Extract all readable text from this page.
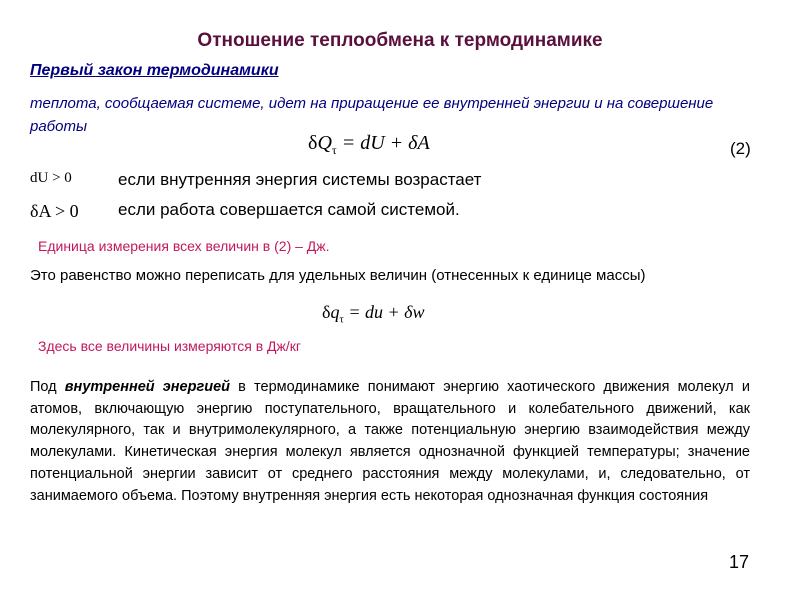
Отношение теплообмена к термодинамике
Первый закон термодинамики
теплота, сообщаемая системе, идет на приращение ее внутренней энергии и на совершение работы
$\delta Q_\tau$ = dU + δA	(2)
dU > 0	если внутренняя энергия системы возрастает
δA > 0 если работа совершается самой системой.
Единица измерения всех величин в (2) – Дж.
Это равенство можно переписать для удельных величин (отнесенных к единице массы)
$\delta q_\tau$ = du + δw
Здесь все величины измеряются в Дж/кг
Под внутренней энергией в термодинамике понимают энергию хаотического движения молекул и атомов, включающую энергию поступательного, вращательного и колебательного движений, как молекулярного, так и внутримолекулярного, а также потенциальную энергию взаимодействия между молекулами. Кинетическая энергия молекул является однозначной функцией температуры; значение потенциальной энергии зависит от среднего расстояния между молекулами, и, следовательно, от занимаемого объема. Поэтому внутренняя энергия есть некоторая однозначная функция состояния
17
